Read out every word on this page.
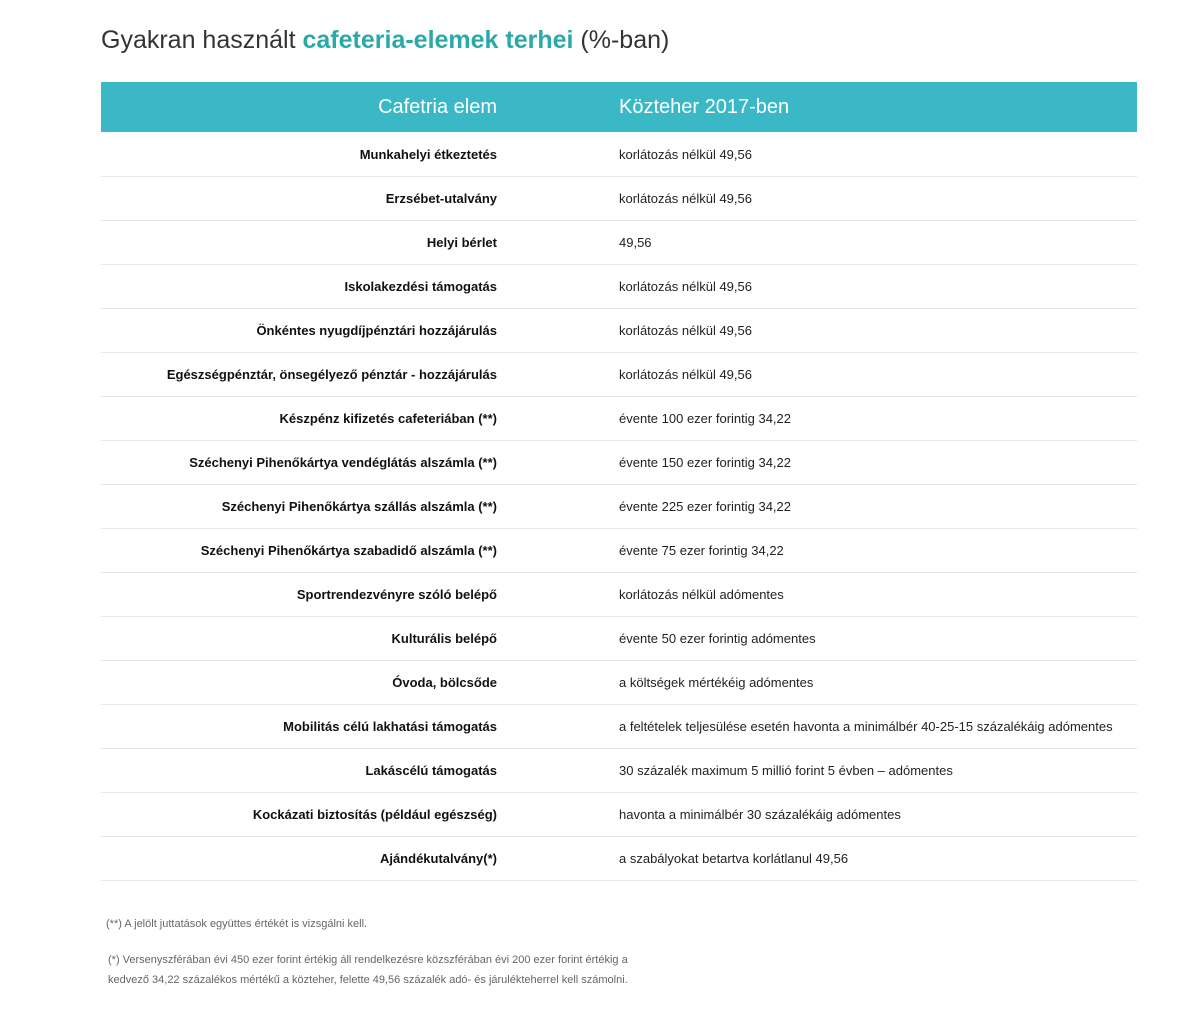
Gyakran használt cafeteria-elemek terhei (%-ban)
Cafetria elem	Közteher 2017-ben
Munkahelyi étkeztetés	korlátozás nélkül 49,56
Erzsébet-utalvány	korlátozás nélkül 49,56
Helyi bérlet	49,56
Iskolakezdési támogatás	korlátozás nélkül 49,56
Önkéntes nyugdíjpénztári hozzájárulás	korlátozás nélkül 49,56
Egészségpénztár, önsegélyező pénztár - hozzájárulás	korlátozás nélkül 49,56
Készpénz kifizetés cafeteriában (**)	évente 100 ezer forintig 34,22
Széchenyi Pihenőkártya vendéglátás alszámla (**)	évente 150 ezer forintig 34,22
Széchenyi Pihenőkártya szállás alszámla (**)	évente 225 ezer forintig 34,22
Széchenyi Pihenőkártya szabadidő alszámla (**)	évente 75 ezer forintig 34,22
Sportrendezvényre szóló belépő	korlátozás nélkül adómentes
Kulturális belépő	évente 50 ezer forintig adómentes
Óvoda, bölcsőde	a költségek mértékéig adómentes
Mobilitás célú lakhatási támogatás	a feltételek teljesülése esetén havonta a minimálbér 40-25-15 százalékáig adómentes
Lakáscélú támogatás	30 százalék maximum 5 millió forint 5 évben – adómentes
Kockázati biztosítás (például egészség)	havonta a minimálbér 30 százalékáig adómentes
Ajándékutalvány(*)	a szabályokat betartva korlátlanul 49,56

(**) A jelölt juttatások együttes értékét is vizsgálni kell.

(*) Versenyszférában évi 450 ezer forint értékig áll rendelkezésre közszférában évi 200 ezer forint értékig a kedvező 34,22 százalékos mértékű a közteher, felette 49,56 százalék adó- és járulékteherrel kell számolni.
